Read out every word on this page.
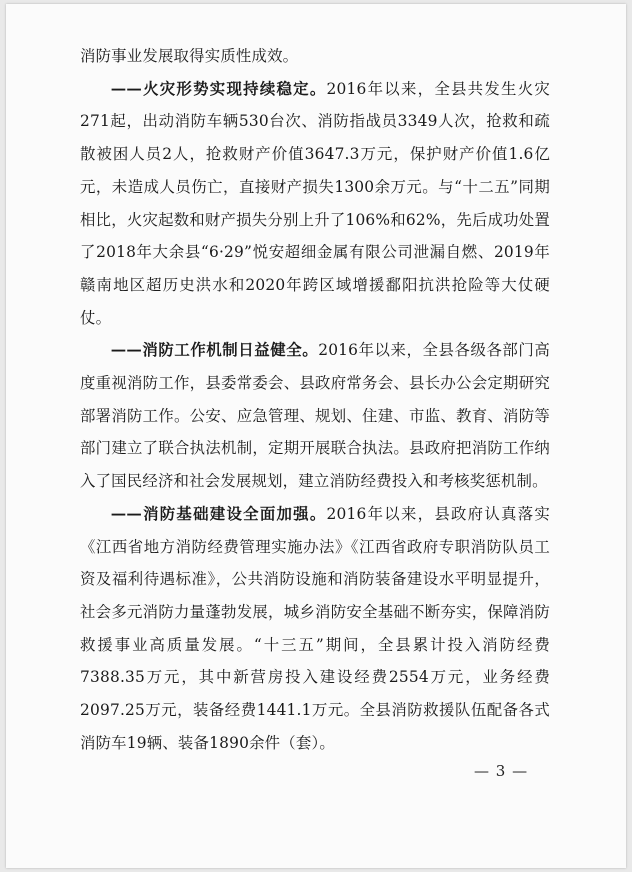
消防事业发展取得实质性成效。

——火灾形势实现持续稳定。2016年以来，全县共发生火灾271起，出动消防车辆530台次、消防指战员3349人次，抢救和疏散被困人员2人，抢救财产价值3647.3万元，保护财产价值1.6亿元，未造成人员伤亡，直接财产损失1300余万元。与“十二五”同期相比，火灾起数和财产损失分别上升了106%和62%，先后成功处置了2018年大余县“6·29”悦安超细金属有限公司泄漏自燃、2019年赣南地区超历史洪水和2020年跨区域增援鄱阳抗洪抢险等大仗硬仗。

——消防工作机制日益健全。2016年以来，全县各级各部门高度重视消防工作，县委常委会、县政府常务会、县长办公会定期研究部署消防工作。公安、应急管理、规划、住建、市监、教育、消防等部门建立了联合执法机制，定期开展联合执法。县政府把消防工作纳入了国民经济和社会发展规划，建立消防经费投入和考核奖惩机制。

——消防基础建设全面加强。2016年以来，县政府认真落实《江西省地方消防经费管理实施办法》《江西省政府专职消防队员工资及福利待遇标准》，公共消防设施和消防装备建设水平明显提升，社会多元消防力量蓬勃发展，城乡消防安全基础不断夯实，保障消防救援事业高质量发展。“十三五”期间，全县累计投入消防经费7388.35万元，其中新营房投入建设经费2554万元，业务经费2097.25万元，装备经费1441.1万元。全县消防救援队伍配备各式消防车19辆、装备1890余件（套）。

— 3 —
